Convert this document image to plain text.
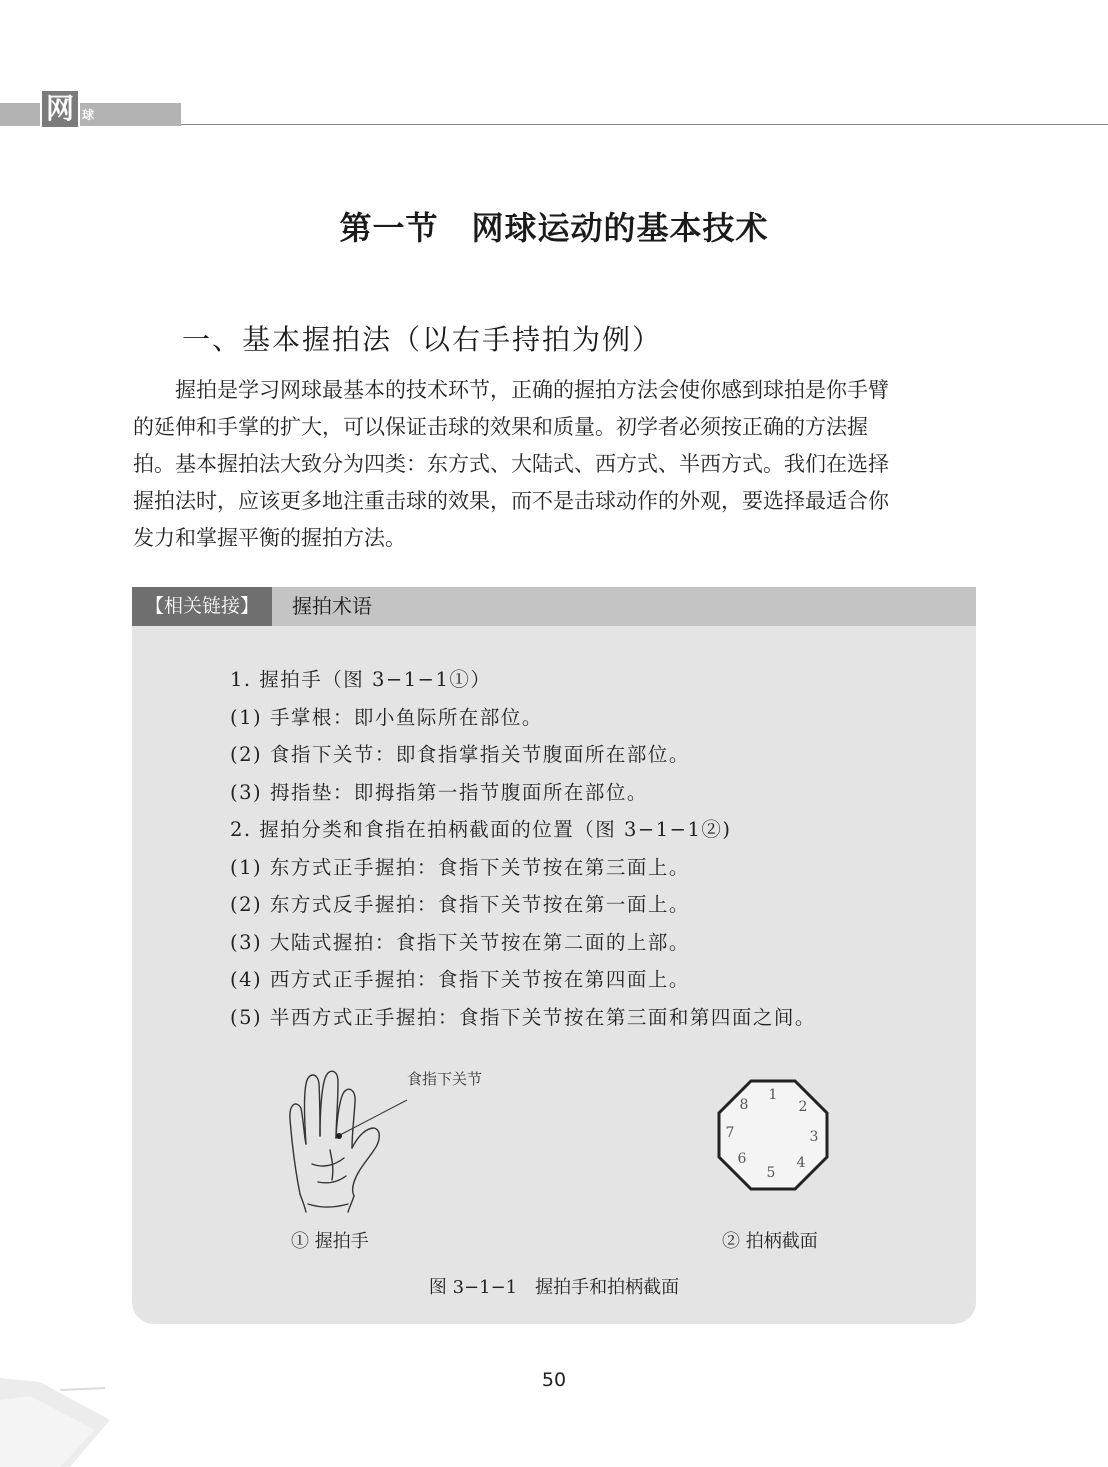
网 球
第一节　网球运动的基本技术
一、基本握拍法（以右手持拍为例）
握拍是学习网球最基本的技术环节，正确的握拍方法会使你感到球拍是你手臂
的延伸和手掌的扩大，可以保证击球的效果和质量。初学者必须按正确的方法握
拍。基本握拍法大致分为四类：东方式、大陆式、西方式、半西方式。我们在选择
握拍法时，应该更多地注重击球的效果，而不是击球动作的外观，要选择最适合你
发力和掌握平衡的握拍方法。
【相关链接】	握拍术语
1. 握拍手（图 3−1−1①）
(1) 手掌根：即小鱼际所在部位。
(2) 食指下关节：即食指掌指关节腹面所在部位。
(3) 拇指垫：即拇指第一指节腹面所在部位。
2. 握拍分类和食指在拍柄截面的位置（图 3−1−1②)
(1) 东方式正手握拍：食指下关节按在第三面上。
(2) 东方式反手握拍：食指下关节按在第一面上。
(3) 大陆式握拍：食指下关节按在第二面的上部。
(4) 西方式正手握拍：食指下关节按在第四面上。
(5) 半西方式正手握拍：食指下关节按在第三面和第四面之间。
食指下关节
1
2
3
4
5
6
7
8
① 握拍手	② 拍柄截面
图 3−1−1　握拍手和拍柄截面
50
